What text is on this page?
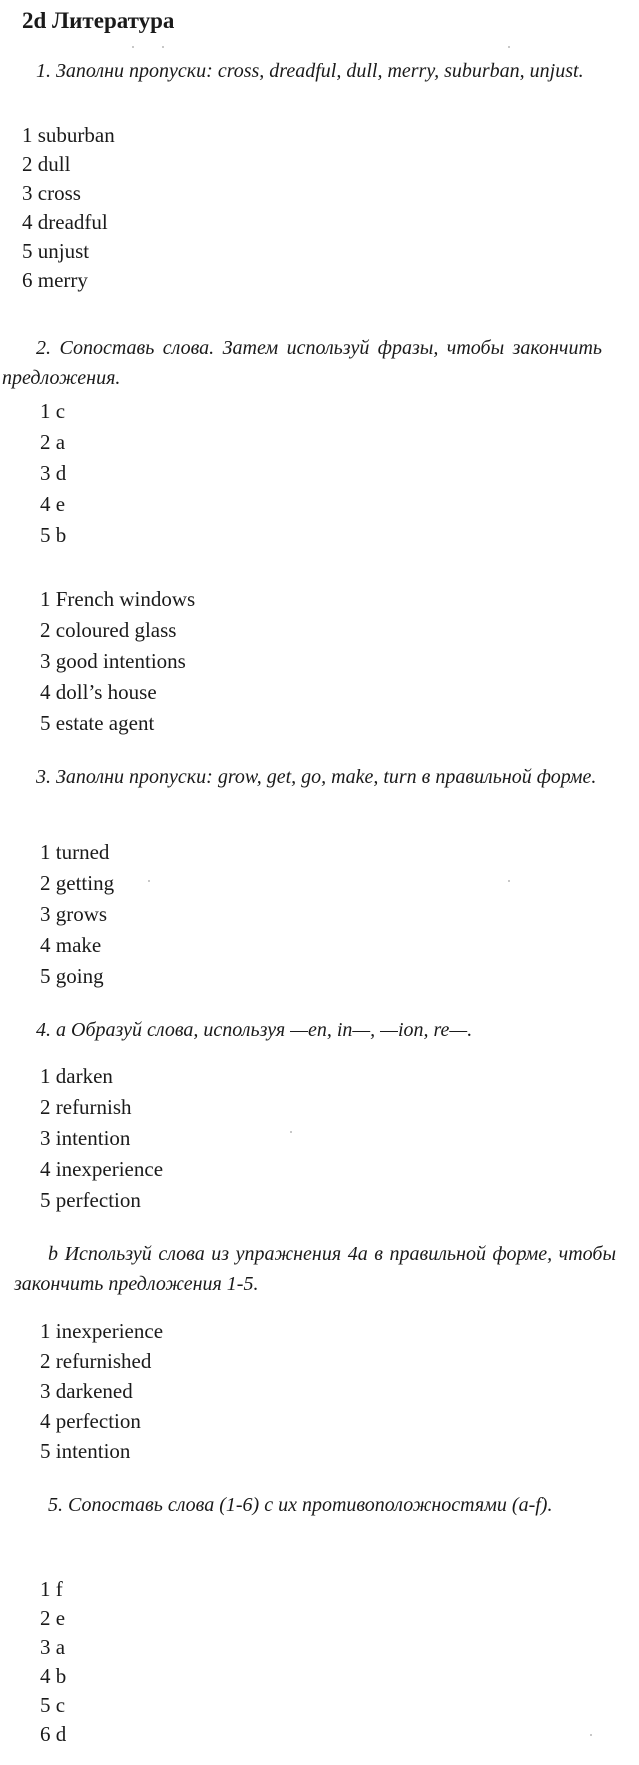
2d Литература

1. Заполни пропуски: cross, dreadful, dull, merry, suburban, unjust.

1 suburban
2 dull
3 cross
4 dreadful
5 unjust
6 merry

2. Сопоставь слова. Затем используй фразы, чтобы закончить предложения.

1 c
2 a
3 d
4 e
5 b
1 French windows
2 coloured glass
3 good intentions
4 doll’s house
5 estate agent

3. Заполни пропуски: grow, get, go, make, turn в правильной форме.

1 turned
2 getting
3 grows
4 make
5 going

4. a Образуй слова, используя —en, in—, —ion, re—.

1 darken
2 refurnish
3 intention
4 inexperience
5 perfection

b Используй слова из упражнения 4a в правильной форме, чтобы закончить предложения 1-5.

1 inexperience
2 refurnished
3 darkened
4 perfection
5 intention

5. Сопоставь слова (1-6) с их противоположностями (a-f).

1 f
2 e
3 a
4 b
5 c
6 d
